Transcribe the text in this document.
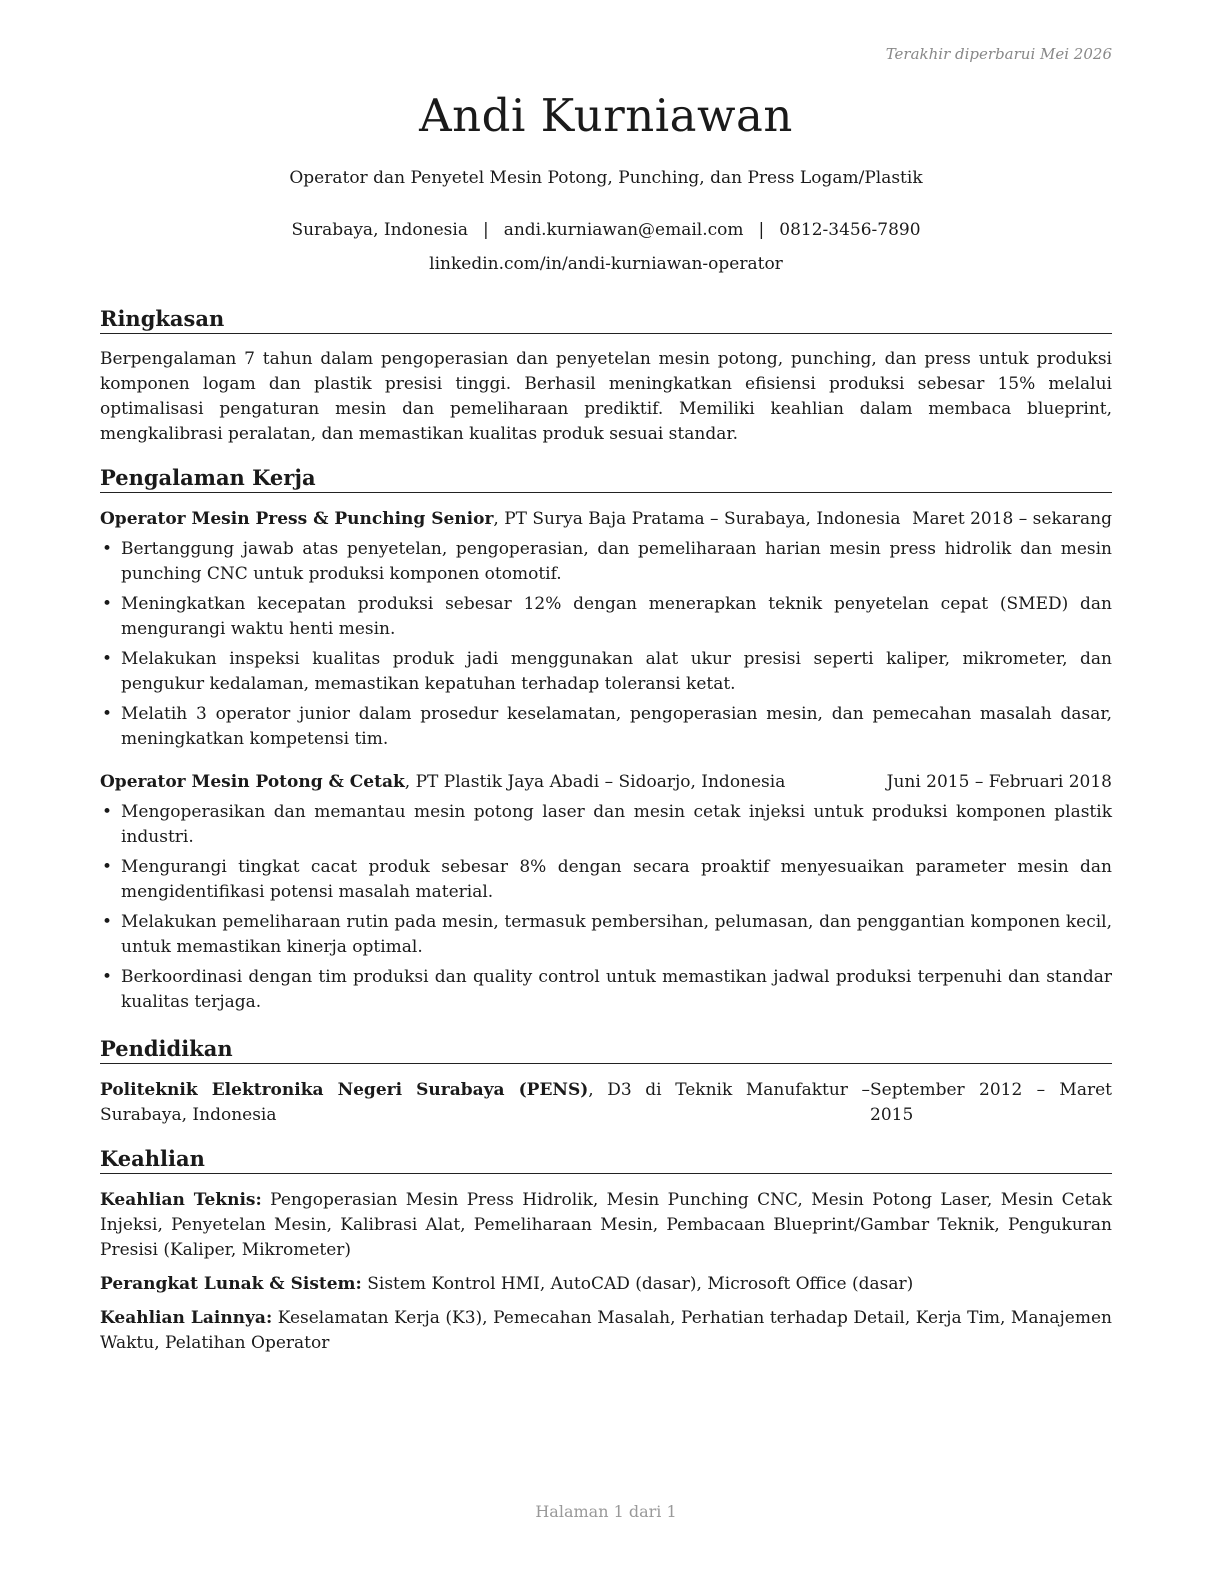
Terakhir diperbarui Mei 2026
Andi Kurniawan
Operator dan Penyetel Mesin Potong, Punching, dan Press Logam/Plastik
Surabaya, Indonesia | andi.kurniawan@email.com | 0812-3456-7890
linkedin.com/in/andi-kurniawan-operator
Ringkasan

Berpengalaman 7 tahun dalam pengoperasian dan penyetelan mesin potong, punching, dan press untuk produksi komponen logam dan plastik presisi tinggi. Berhasil meningkatkan efisiensi produksi sebesar 15% melalui optimalisasi pengaturan mesin dan pemeliharaan prediktif. Memiliki keahlian dalam membaca blueprint, mengkalibrasi peralatan, dan memastikan kualitas produk sesuai standar.

Pengalaman Kerja
Operator Mesin Press & Punching Senior, PT Surya Baja Pratama – Surabaya, Indonesia Maret 2018 – sekarang
• Bertanggung jawab atas penyetelan, pengoperasian, dan pemeliharaan harian mesin press hidrolik dan mesin punching CNC untuk produksi komponen otomotif.
• Meningkatkan kecepatan produksi sebesar 12% dengan menerapkan teknik penyetelan cepat (SMED) dan mengurangi waktu henti mesin.
• Melakukan inspeksi kualitas produk jadi menggunakan alat ukur presisi seperti kaliper, mikrometer, dan pengukur kedalaman, memastikan kepatuhan terhadap toleransi ketat.
• Melatih 3 operator junior dalam prosedur keselamatan, pengoperasian mesin, dan pemecahan masalah dasar, meningkatkan kompetensi tim.
Operator Mesin Potong & Cetak, PT Plastik Jaya Abadi – Sidoarjo, Indonesia	Juni 2015 – Februari 2018
• Mengoperasikan dan memantau mesin potong laser dan mesin cetak injeksi untuk produksi komponen plastik industri.
• Mengurangi tingkat cacat produk sebesar 8% dengan secara proaktif menyesuaikan parameter mesin dan mengidentifikasi potensi masalah material.
• Melakukan pemeliharaan rutin pada mesin, termasuk pembersihan, pelumasan, dan penggantian komponen kecil, untuk memastikan kinerja optimal.
• Berkoordinasi dengan tim produksi dan quality control untuk memastikan jadwal produksi terpenuhi dan standar kualitas terjaga.
Pendidikan
Politeknik Elektronika Negeri Surabaya (PENS), D3 di Teknik Manufaktur – Surabaya, Indonesia
September 2012 – Maret 2015
Keahlian

Keahlian Teknis: Pengoperasian Mesin Press Hidrolik, Mesin Punching CNC, Mesin Potong Laser, Mesin Cetak Injeksi, Penyetelan Mesin, Kalibrasi Alat, Pemeliharaan Mesin, Pembacaan Blueprint/Gambar Teknik, Pengukuran Presisi (Kaliper, Mikrometer)

Perangkat Lunak & Sistem: Sistem Kontrol HMI, AutoCAD (dasar), Microsoft Office (dasar)

Keahlian Lainnya: Keselamatan Kerja (K3), Pemecahan Masalah, Perhatian terhadap Detail, Kerja Tim, Manajemen Waktu, Pelatihan Operator

Halaman 1 dari 1
